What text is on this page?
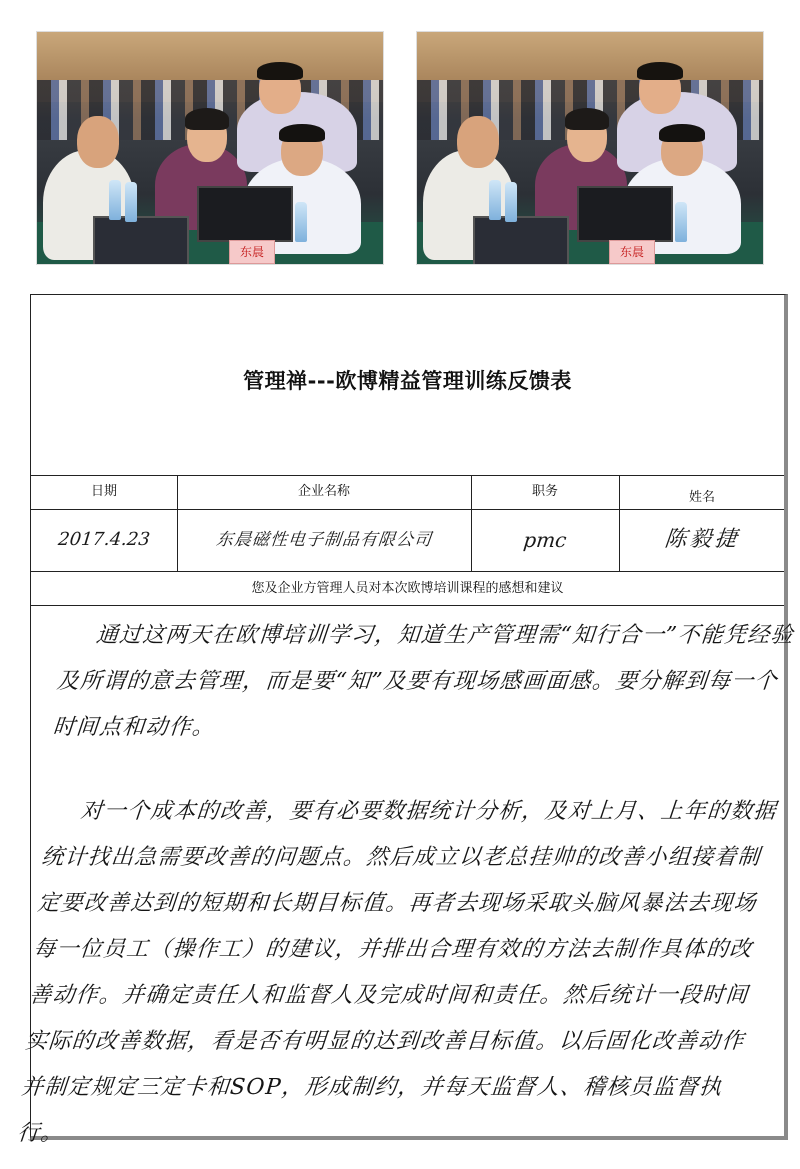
东晨	东晨
管理禅---欧博精益管理训练反馈表
日期	企业名称	职务	姓名
2017.4.23	东晨磁性电子制品有限公司	pmc	陈毅捷
您及企业方管理人员对本次欧博培训课程的感想和建议

通过这两天在欧博培训学习，知道生产管理需“知行合一”不能凭经验及所谓的意去管理，而是要“知”及要有现场感画面感。要分解到每一个时间点和动作。

对一个成本的改善，要有必要数据统计分析，及对上月、上年的数据统计找出急需要改善的问题点。然后成立以老总挂帅的改善小组接着制定要改善达到的短期和长期目标值。再者去现场采取头脑风暴法去现场每一位员工（操作工）的建议，并排出合理有效的方法去制作具体的改善动作。并确定责任人和监督人及完成时间和责任。然后统计一段时间实际的改善数据，看是否有明显的达到改善目标值。以后固化改善动作并制定规定三定卡和SOP，形成制约，并每天监督人、稽核员监督执行。
